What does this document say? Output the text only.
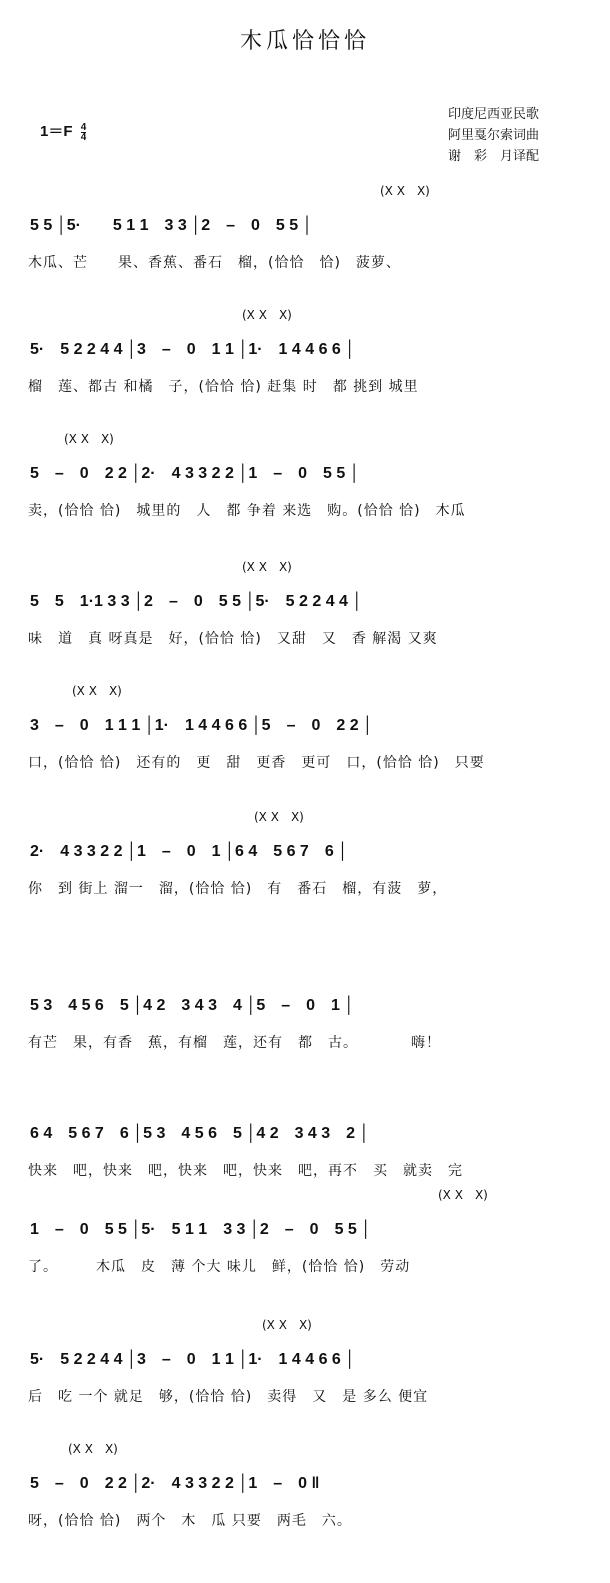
木瓜恰恰恰
$1=F \frac{4}{4}$
印度尼西亚民歌
阿里戛尔索词曲
谢　彩　月译配
(X X　X)
5 5 │5·　　5 1 1　3 3 │2　–　0　5 5 │
木瓜、芒　　果、香蕉、番石　榴，(恰恰　恰)　菠萝、
(X X　X)
5·　5 2 2 4 4 │3　–　0　1 1 │1·　1 4 4 6 6 │
榴　莲、都古 和橘　子，(恰恰 恰) 赶集 时　都 挑到 城里
(X X　X)
5　–　0　2 2 │2·　4 3 3 2 2 │1　–　0　5 5 │
卖，(恰恰 恰)　城里的　人　都 争着 来选　购。(恰恰 恰)　木瓜
(X X　X)
5　5　1·1 3 3 │2　–　0　5 5 │5·　5 2 2 4 4 │
味　道　真 呀真是　好，(恰恰 恰)　又甜　又　香 解渴 又爽
(X X　X)
3　–　0　1 1 1 │1·　1 4 4 6 6 │5　–　0　2 2 │
口，(恰恰 恰)　还有的　更　甜　更香　更可　口，(恰恰 恰)　只要
(X X　X)
2·　4 3 3 2 2 │1　–　0　1 │6 4　5 6 7　6 │
你　到 街上 溜一　溜，(恰恰 恰)　有　番石　榴，有菠　萝，
5 3　4 5 6　5 │4 2　3 4 3　4 │5　–　0　1 │
有芒　果，有香　蕉，有榴　莲，还有　都　古。　　　　嗨！
6 4　5 6 7　6 │5 3　4 5 6　5 │4 2　3 4 3　2 │
快来　吧，快来　吧，快来　吧，快来　吧，再不　买　就卖　完
(X X　X)
1　–　0　5 5 │5·　5 1 1　3 3 │2　–　0　5 5 │
了。　　　木瓜　皮　薄 个大 味儿　鲜，(恰恰 恰)　劳动
(X X　X)
5·　5 2 2 4 4 │3　–　0　1 1 │1·　1 4 4 6 6 │
后　吃 一个 就足　够，(恰恰 恰)　卖得　又　是 多么 便宜
(X X　X)
5　–　0　2 2 │2·　4 3 3 2 2 │1　–　0 ‖
呀，(恰恰 恰)　两个　木　瓜 只要　两毛　六。
